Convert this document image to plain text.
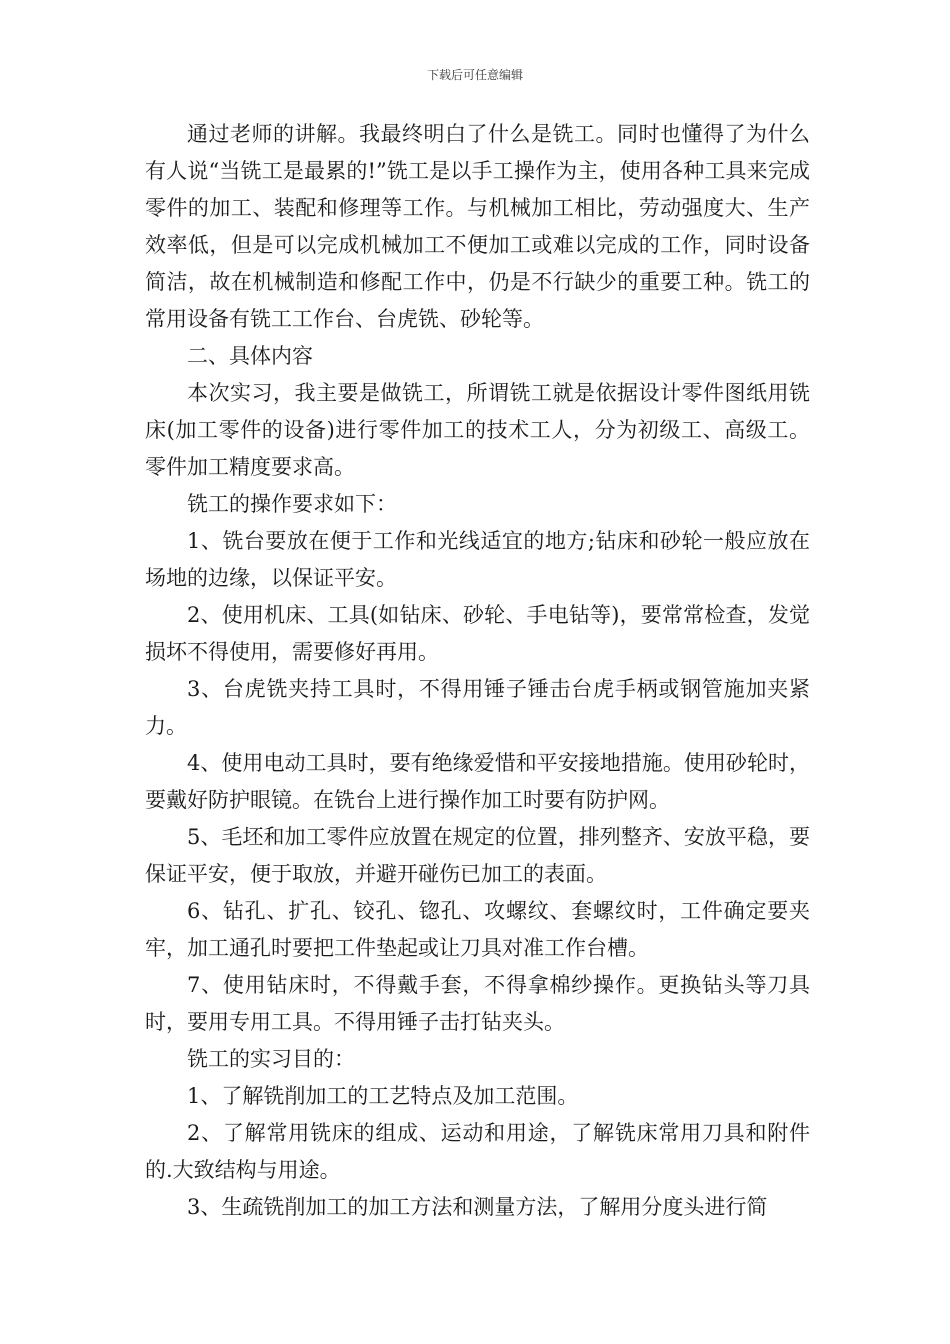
下载后可任意编辑

通过老师的讲解。我最终明白了什么是铣工。同时也懂得了为什么有人说“当铣工是最累的!”铣工是以手工操作为主，使用各种工具来完成零件的加工、装配和修理等工作。与机械加工相比，劳动强度大、生产效率低，但是可以完成机械加工不便加工或难以完成的工作，同时设备简洁，故在机械制造和修配工作中，仍是不行缺少的重要工种。铣工的常用设备有铣工工作台、台虎铣、砂轮等。

二、具体内容

本次实习，我主要是做铣工，所谓铣工就是依据设计零件图纸用铣床(加工零件的设备)进行零件加工的技术工人，分为初级工、高级工。零件加工精度要求高。

铣工的操作要求如下：

1、铣台要放在便于工作和光线适宜的地方;钻床和砂轮一般应放在场地的边缘，以保证平安。

2、使用机床、工具(如钻床、砂轮、手电钻等)，要常常检查，发觉损坏不得使用，需要修好再用。

3、台虎铣夹持工具时，不得用锤子锤击台虎手柄或钢管施加夹紧力。

4、使用电动工具时，要有绝缘爱惜和平安接地措施。使用砂轮时，要戴好防护眼镜。在铣台上进行操作加工时要有防护网。

5、毛坯和加工零件应放置在规定的位置，排列整齐、安放平稳，要保证平安，便于取放，并避开碰伤已加工的表面。

6、钻孔、扩孔、铰孔、锪孔、攻螺纹、套螺纹时，工件确定要夹牢，加工通孔时要把工件垫起或让刀具对准工作台槽。

7、使用钻床时，不得戴手套，不得拿棉纱操作。更换钻头等刀具时，要用专用工具。不得用锤子击打钻夹头。

铣工的实习目的：

1、了解铣削加工的工艺特点及加工范围。

2、了解常用铣床的组成、运动和用途，了解铣床常用刀具和附件的.大致结构与用途。

3、生疏铣削加工的加工方法和测量方法，了解用分度头进行简
